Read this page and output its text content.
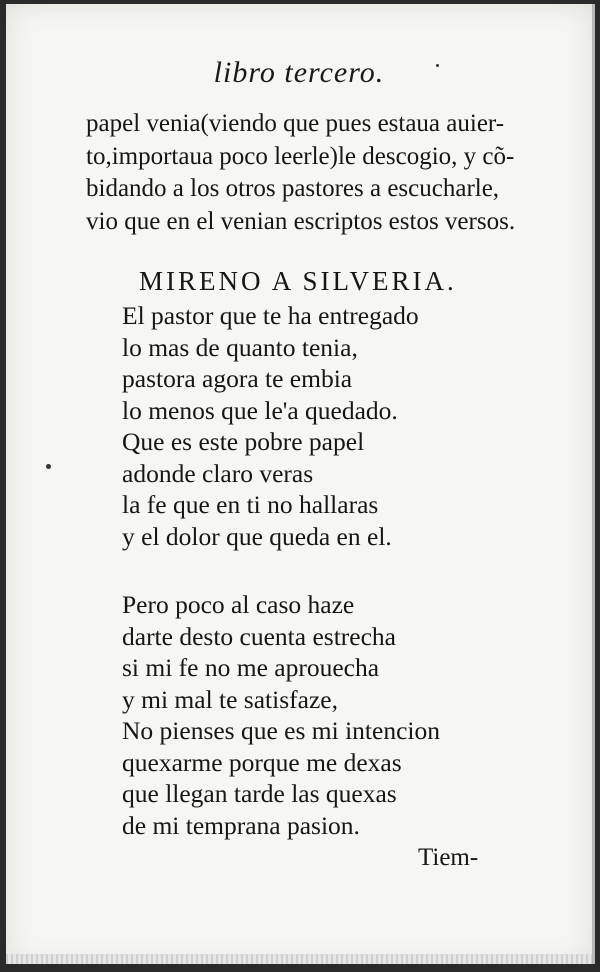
libro tercero.
papel venia(viendo que pues estaua auier-
to,importaua poco leerle)le descogio, y cõ-
bidando a los otros pastores a escucharle,
vio que en el venian escriptos estos versos.
MIRENO A SILVERIA.
El pastor que te ha entregado
lo mas de quanto tenia,
pastora agora te embia
lo menos que le'a quedado.
Que es este pobre papel
adonde claro veras
la fe que en ti no hallaras
y el dolor que queda en el.
Pero poco al caso haze
darte desto cuenta estrecha
si mi fe no me aprouecha
y mi mal te satisfaze,
No pienses que es mi intencion
quexarme porque me dexas
que llegan tarde las quexas
de mi temprana pasion.
Tiem-
